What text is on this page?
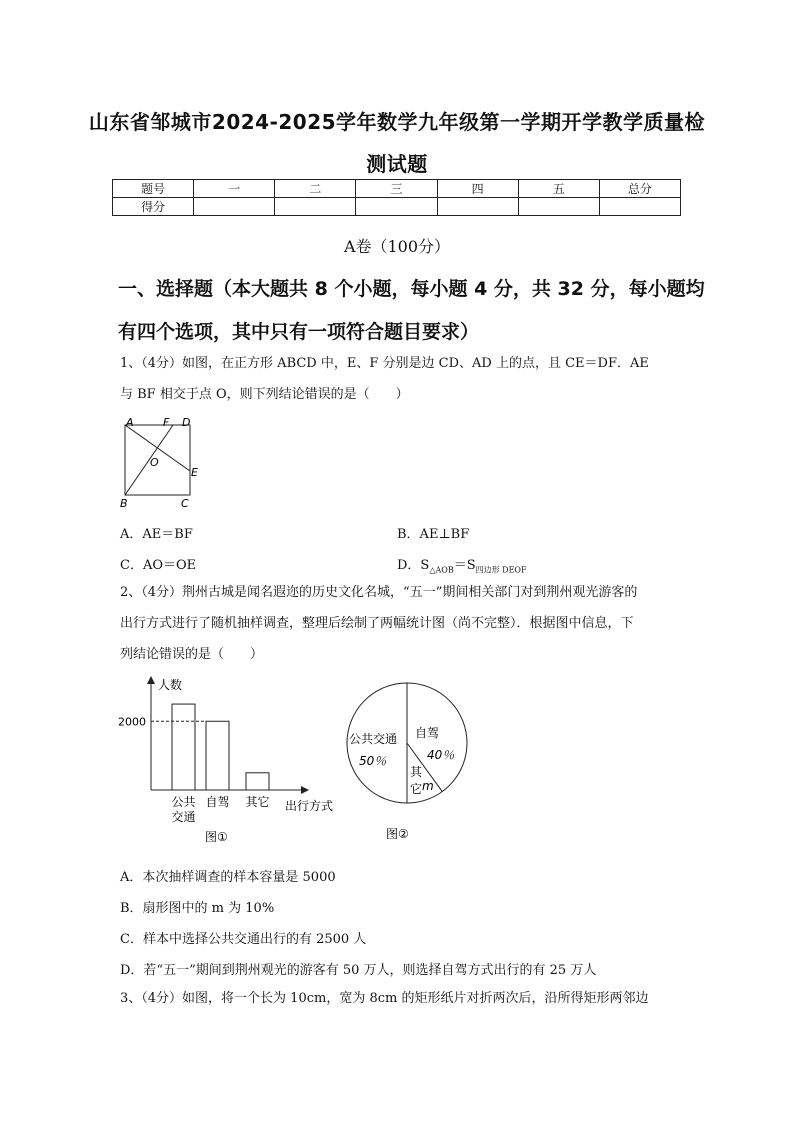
山东省邹城市2024-2025学年数学九年级第一学期开学教学质量检
测试题
题号	一	二	三	四	五	总分
得分						
A卷（100分）
一、选择题（本大题共 8 个小题，每小题 4 分，共 32 分，每小题均
有四个选项，其中只有一项符合题目要求）
1、（4分）如图，在正方形 ABCD 中，E、F 分别是边 CD、AD 上的点，且 CE＝DF．AE
与 BF 相交于点 O，则下列结论错误的是（　　）
A	F D
O
E
B	C
A．AE＝BF	B．AE⊥BF
C．AO＝OE	D．$S_{\triangle AOB}=S_{四边形 DEOF}$
2、（4分）荆州古城是闻名遐迩的历史文化名城，“五一”期间相关部门对到荆州观光游客的
出行方式进行了随机抽样调查，整理后绘制了两幅统计图（尚不完整）．根据图中信息，下
列结论错误的是（　　）
人数
出行方式
图①
公共
交通
自驾 其它
2000
公共交通
50％
自驾
40％
其
它 m
图②
A．本次抽样调查的样本容量是 5000
B．扇形图中的 m 为 10%
C．样本中选择公共交通出行的有 2500 人
D．若“五一”期间到荆州观光的游客有 50 万人，则选择自驾方式出行的有 25 万人
3、（4分）如图，将一个长为 10cm，宽为 8cm 的矩形纸片对折两次后，沿所得矩形两邻边
